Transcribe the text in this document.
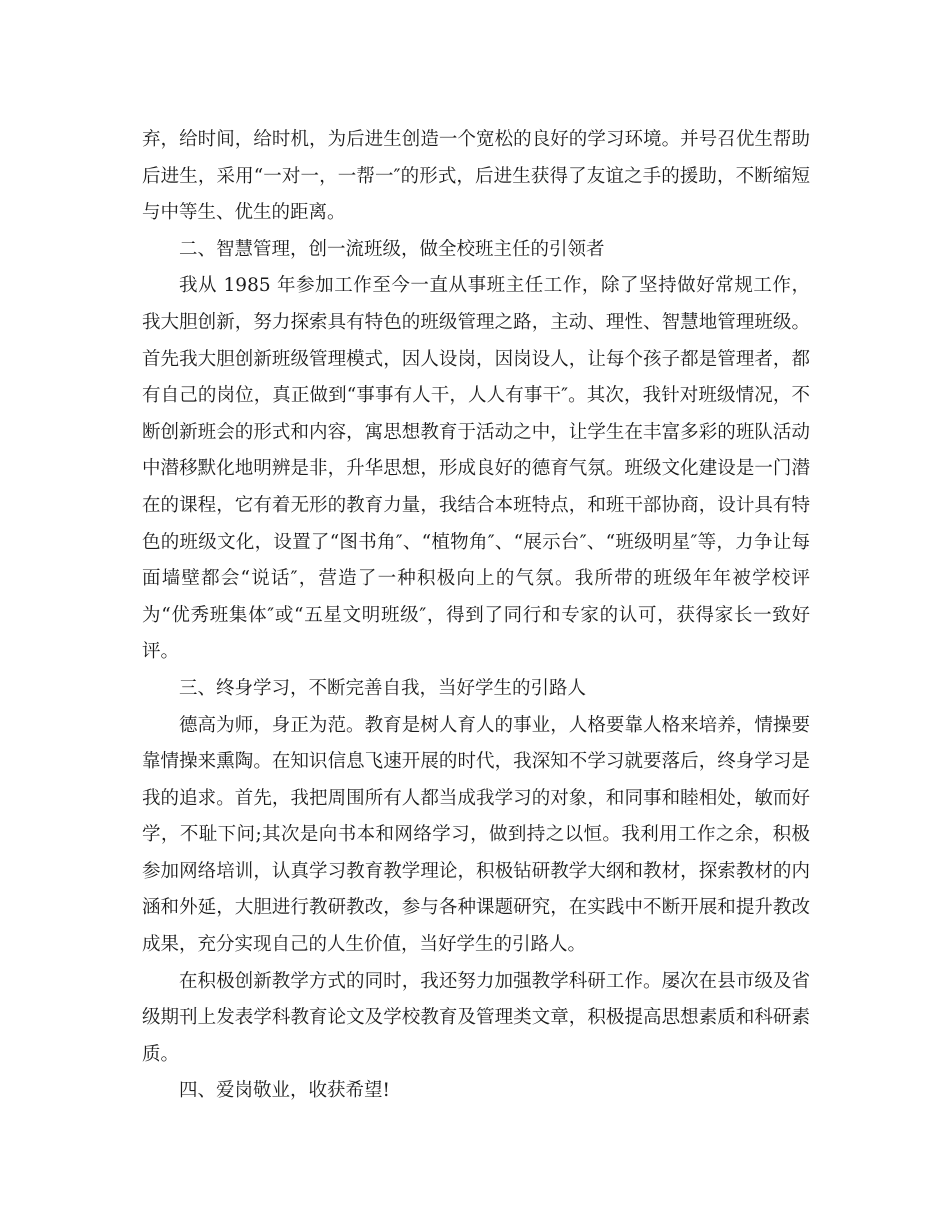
弃，给时间，给时机，为后进生创造一个宽松的良好的学习环境。并号召优生帮助后进生，采用“一对一，一帮一″的形式，后进生获得了友谊之手的援助，不断缩短与中等生、优生的距离。

二、智慧管理，创一流班级，做全校班主任的引领者

我从 1985 年参加工作至今一直从事班主任工作，除了坚持做好常规工作，我大胆创新，努力探索具有特色的班级管理之路，主动、理性、智慧地管理班级。首先我大胆创新班级管理模式，因人设岗，因岗设人，让每个孩子都是管理者，都有自己的岗位，真正做到“事事有人干，人人有事干″。其次，我针对班级情况，不断创新班会的形式和内容，寓思想教育于活动之中，让学生在丰富多彩的班队活动中潜移默化地明辨是非，升华思想，形成良好的德育气氛。班级文化建设是一门潜在的课程，它有着无形的教育力量，我结合本班特点，和班干部协商，设计具有特色的班级文化，设置了“图书角″、“植物角″、“展示台″、“班级明星″等，力争让每面墙壁都会“说话″，营造了一种积极向上的气氛。我所带的班级年年被学校评为“优秀班集体″或“五星文明班级″，得到了同行和专家的认可，获得家长一致好评。

三、终身学习，不断完善自我，当好学生的引路人

德高为师，身正为范。教育是树人育人的事业，人格要靠人格来培养，情操要靠情操来熏陶。在知识信息飞速开展的时代，我深知不学习就要落后，终身学习是我的追求。首先，我把周围所有人都当成我学习的对象，和同事和睦相处，敏而好学，不耻下问;其次是向书本和网络学习，做到持之以恒。我利用工作之余，积极参加网络培训，认真学习教育教学理论，积极钻研教学大纲和教材，探索教材的内涵和外延，大胆进行教研教改，参与各种课题研究，在实践中不断开展和提升教改成果，充分实现自己的人生价值，当好学生的引路人。

在积极创新教学方式的同时，我还努力加强教学科研工作。屡次在县市级及省级期刊上发表学科教育论文及学校教育及管理类文章，积极提高思想素质和科研素质。

四、爱岗敬业，收获希望!
